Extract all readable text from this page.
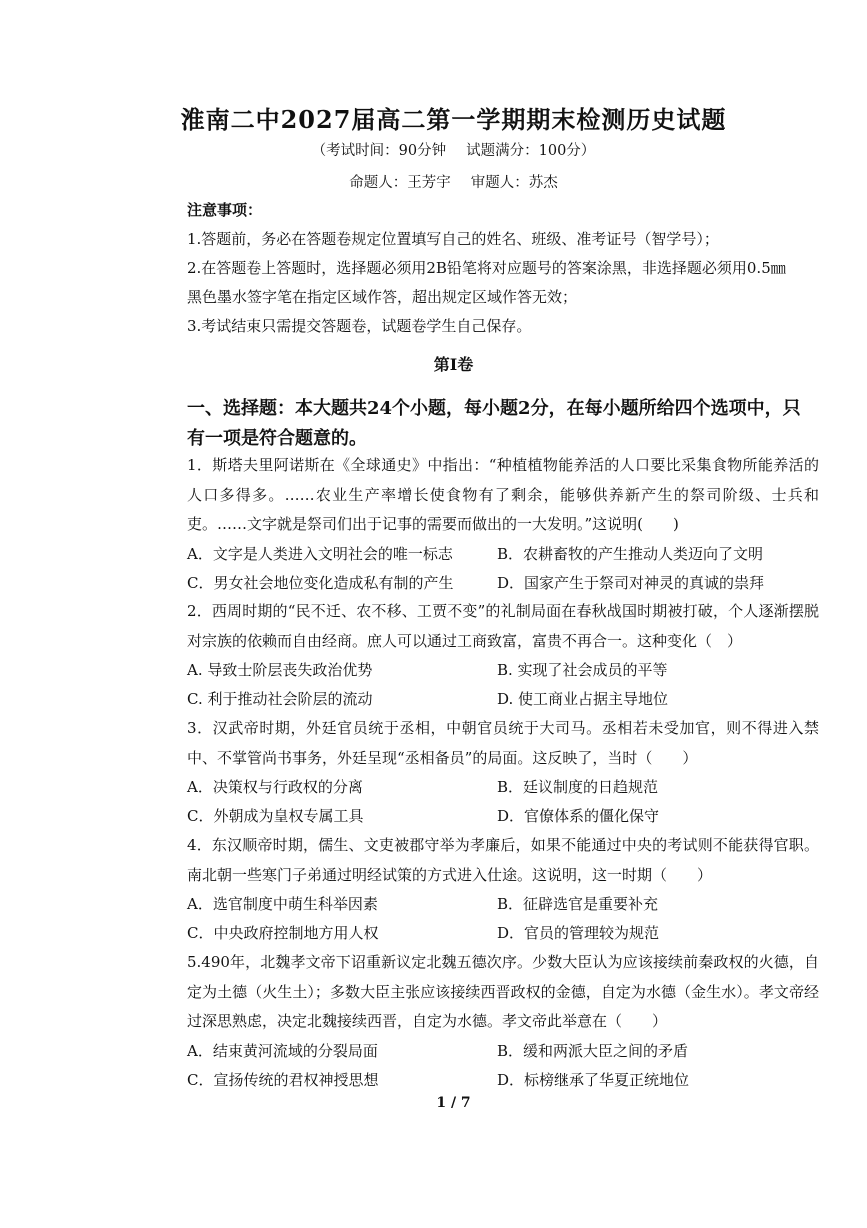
淮南二中2027届高二第一学期期末检测历史试题
（考试时间：90分钟 试题满分：100分）
命题人：王芳宇 审题人：苏杰
注意事项：
1.答题前，务必在答题卷规定位置填写自己的姓名、班级、准考证号（智学号）；
2.在答题卷上答题时，选择题必须用2B铅笔将对应题号的答案涂黑，非选择题必须用0.5㎜
黑色墨水签字笔在指定区域作答，超出规定区域作答无效；
3.考试结束只需提交答题卷，试题卷学生自己保存。
第Ⅰ卷
一、选择题：本大题共24个小题，每小题2分，在每小题所给四个选项中，只
有一项是符合题意的。
1．斯塔夫里阿诺斯在《全球通史》中指出：“种植植物能养活的人口要比采集食物所能养活的人口多得多。……农业生产率增长使食物有了剩余，能够供养新产生的祭司阶级、士兵和吏。……文字就是祭司们出于记事的需要而做出的一大发明。”这说明(　　)
A．文字是人类进入文明社会的唯一标志	B．农耕畜牧的产生推动人类迈向了文明
C．男女社会地位变化造成私有制的产生	D．国家产生于祭司对神灵的真诚的祟拜
2．西周时期的“民不迁、农不移、工贾不变”的礼制局面在春秋战国时期被打破，个人逐渐摆脱对宗族的依赖而自由经商。庶人可以通过工商致富，富贵不再合一。这种变化（　）
A. 导致士阶层丧失政治优势	B. 实现了社会成员的平等
C. 利于推动社会阶层的流动	D. 使工商业占据主导地位
3．汉武帝时期，外廷官员统于丞相，中朝官员统于大司马。丞相若未受加官，则不得进入禁中、不掌管尚书事务，外廷呈现“丞相备员”的局面。这反映了，当时（　　）
A．决策权与行政权的分离	B．廷议制度的日趋规范
C．外朝成为皇权专属工具	D．官僚体系的僵化保守
4．东汉顺帝时期，儒生、文吏被郡守举为孝廉后，如果不能通过中央的考试则不能获得官职。南北朝一些寒门子弟通过明经试策的方式进入仕途。这说明，这一时期（　　）
A．选官制度中萌生科举因素	B．征辟选官是重要补充
C．中央政府控制地方用人权	D．官员的管理较为规范
5.490年，北魏孝文帝下诏重新议定北魏五德次序。少数大臣认为应该接续前秦政权的火德，自定为土德（火生土）；多数大臣主张应该接续西晋政权的金德，自定为水德（金生水）。孝文帝经过深思熟虑，决定北魏接续西晋，自定为水德。孝文帝此举意在（　　）
A．结束黄河流域的分裂局面	B．缓和两派大臣之间的矛盾
C．宣扬传统的君权神授思想	D．标榜继承了华夏正统地位
1 / 7
